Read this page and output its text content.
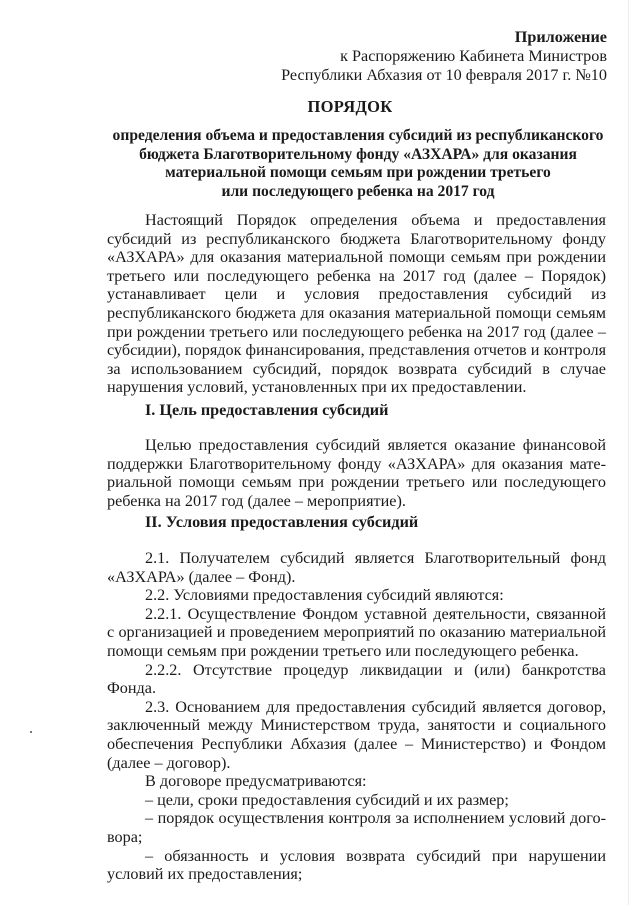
Приложение
к Распоряжению Кабинета Министров
Республики Абхазия от 10 февраля 2017 г. №10
ПОРЯДОК
определения объема и предоставления субсидий из республиканского
бюджета Благотворительному фонду «АЗХАРА» для оказания
материальной помощи семьям при рождении третьего
или последующего ребенка на 2017 год

Настоящий Порядок определения объема и предоставления субсидий из республиканского бюджета Благотворительному фонду «АЗХАРА» для оказания материальной помощи семьям при рождении третьего или последующего ребенка на 2017 год (далее – Порядок) устанавливает цели и условия предоставления субсидий из республиканского бюджета для оказания материальной помощи семьям при рождении третьего или последующего ребенка на 2017 год (далее – субсидии), порядок финансирования, представления отчетов и контроля за использованием субсидий, порядок возврата субсидий в случае нарушения условий, установленных при их предоставлении.

I. Цель предоставления субсидий

Целью предоставления субсидий является оказание финансовой поддержки Благотворительному фонду «АЗХАРА» для оказания материальной помощи семьям при рождении третьего или последующего ребенка на 2017 год (далее – мероприятие).

II. Условия предоставления субсидий

2.1. Получателем субсидий является Благотворительный фонд «АЗХАРА» (далее – Фонд).

2.2. Условиями предоставления субсидий являются:

2.2.1. Осуществление Фондом уставной деятельности, связанной с организацией и проведением мероприятий по оказанию материальной помощи семьям при рождении третьего или последующего ребенка.

2.2.2. Отсутствие процедур ликвидации и (или) банкротства Фонда.

2.3. Основанием для предоставления субсидий является договор, заключенный между Министерством труда, занятости и социального обеспечения Республики Абхазия (далее – Министерство) и Фондом (далее – договор).

В договоре предусматриваются:

– цели, сроки предоставления субсидий и их размер;

– порядок осуществления контроля за исполнением условий договора;

– обязанность и условия возврата субсидий при нарушении условий их предоставления;
